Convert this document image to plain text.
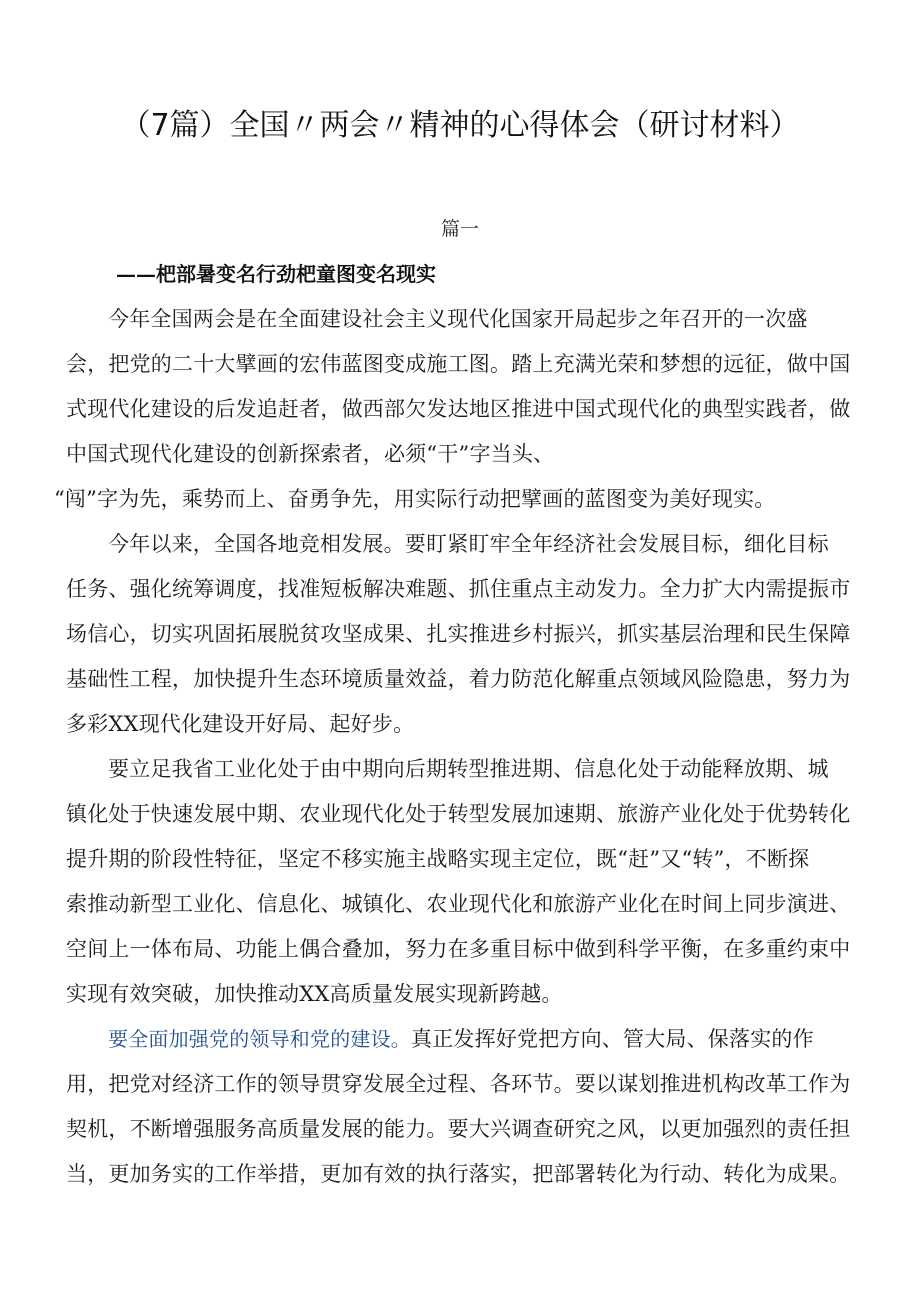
（7篇）全国〃两会〃精神的心得体会（研讨材料）
篇一
——杷部暑变名行劲杷童图变名现实
今年全国两会是在全面建设社会主义现代化国家开局起步之年召开的一次盛
会，把党的二十大擘画的宏伟蓝图变成施工图。踏上充满光荣和梦想的远征，做中国
式现代化建设的后发追赶者，做西部欠发达地区推进中国式现代化的典型实践者，做
中国式现代化建设的创新探索者，必须“干”字当头、
“闯”字为先，乘势而上、奋勇争先，用实际行动把擘画的蓝图变为美好现实。
今年以来，全国各地竞相发展。要盯紧盯牢全年经济社会发展目标，细化目标
任务、强化统筹调度，找准短板解决难题、抓住重点主动发力。全力扩大内需提振市
场信心，切实巩固拓展脱贫攻坚成果、扎实推进乡村振兴，抓实基层治理和民生保障
基础性工程，加快提升生态环境质量效益，着力防范化解重点领域风险隐患，努力为
多彩XX现代化建设开好局、起好步。
要立足我省工业化处于由中期向后期转型推进期、信息化处于动能释放期、城
镇化处于快速发展中期、农业现代化处于转型发展加速期、旅游产业化处于优势转化
提升期的阶段性特征，坚定不移实施主战略实现主定位，既“赶”又“转”，不断探
索推动新型工业化、信息化、城镇化、农业现代化和旅游产业化在时间上同步演进、
空间上一体布局、功能上偶合叠加，努力在多重目标中做到科学平衡，在多重约束中
实现有效突破，加快推动XX高质量发展实现新跨越。
要全面加强党的领导和党的建设。真正发挥好党把方向、管大局、保落实的作
用，把党对经济工作的领导贯穿发展全过程、各环节。要以谋划推进机构改革工作为
契机，不断增强服务高质量发展的能力。要大兴调查研究之风，以更加强烈的责任担
当，更加务实的工作举措，更加有效的执行落实，把部署转化为行动、转化为成果。
